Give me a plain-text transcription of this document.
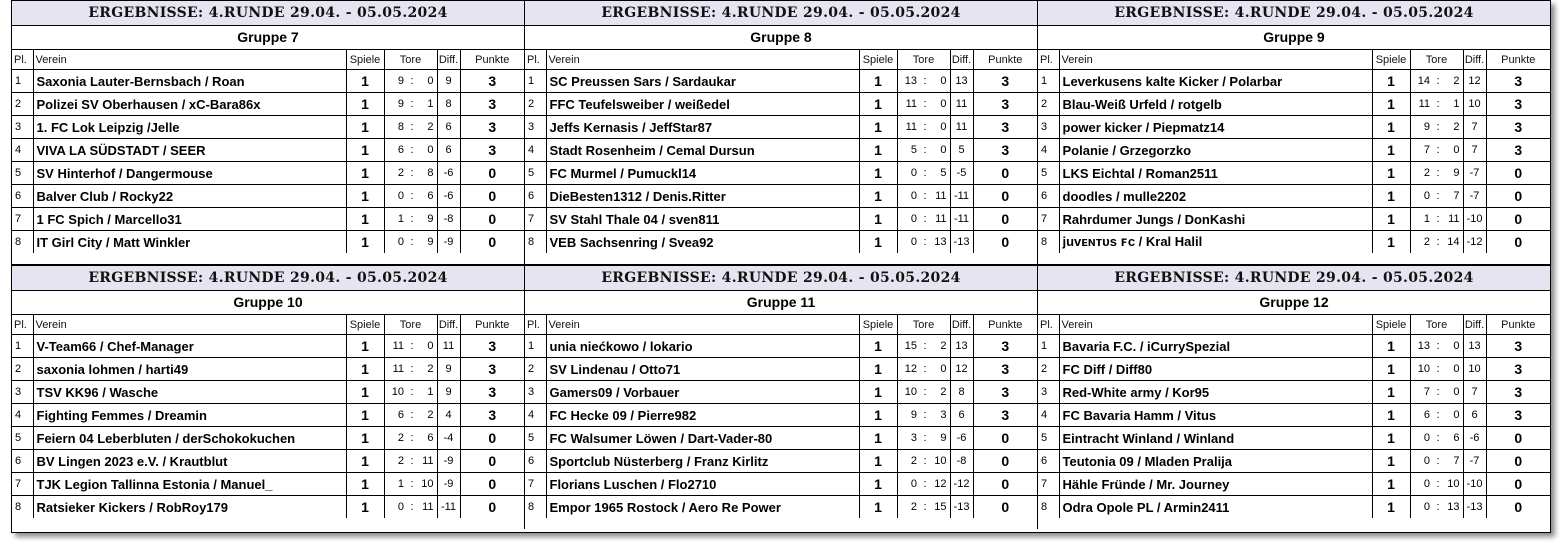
ERGEBNISSE: 4.RUNDE 29.04. - 05.05.2024
Gruppe 7
Pl.	Verein	Spiele	Tore			Diff.	Punkte
1	Saxonia Lauter-Bernsbach / Roan	1	9	:	0	9	3
2	Polizei SV Oberhausen / xC-Bara86x	1	9	:	1	8	3
3	1. FC Lok Leipzig /Jelle	1	8	:	2	6	3
4	VIVA LA SÜDSTADT / SEER	1	6	:	0	6	3
5	SV Hinterhof / Dangermouse	1	2	:	8	-6	0
6	Balver Club / Rocky22	1	0	:	6	-6	0
7	1 FC Spich / Marcello31	1	1	:	9	-8	0
8	IT Girl City / Matt Winkler	1	0	:	9	-9	0
ERGEBNISSE: 4.RUNDE 29.04. - 05.05.2024
Gruppe 8
Pl.	Verein	Spiele	Tore			Diff.	Punkte
1	SC Preussen Sars / Sardaukar	1	13	:	0	13	3
2	FFC Teufelsweiber / weißedel	1	11	:	0	11	3
3	Jeffs Kernasis / JeffStar87	1	11	:	0	11	3
4	Stadt Rosenheim / Cemal Dursun	1	5	:	0	5	3
5	FC Murmel / Pumuckl14	1	0	:	5	-5	0
6	DieBesten1312 / Denis.Ritter	1	0	:	11	-11	0
7	SV Stahl Thale 04 / sven811	1	0	:	11	-11	0
8	VEB Sachsenring / Svea92	1	0	:	13	-13	0
ERGEBNISSE: 4.RUNDE 29.04. - 05.05.2024
Gruppe 9
Pl.	Verein	Spiele	Tore			Diff.	Punkte
1	Leverkusens kalte Kicker / Polarbar	1	14	:	2	12	3
2	Blau-Weiß Urfeld / rotgelb	1	11	:	1	10	3
3	power kicker / Piepmatz14	1	9	:	2	7	3
4	Polanie / Grzegorzko	1	7	:	0	7	3
5	LKS Eichtal / Roman2511	1	2	:	9	-7	0
6	doodles / mulle2202	1	0	:	7	-7	0
7	Rahrdumer Jungs / DonKashi	1	1	:	11	-10	0
8	juvᴇɴᴛᴜs ꜰᴄ / Kral Halil	1	2	:	14	-12	0
ERGEBNISSE: 4.RUNDE 29.04. - 05.05.2024
Gruppe 10
Pl.	Verein	Spiele	Tore			Diff.	Punkte
1	V-Team66 / Chef-Manager	1	11	:	0	11	3
2	saxonia lohmen / harti49	1	11	:	2	9	3
3	TSV KK96 / Wasche	1	10	:	1	9	3
4	Fighting Femmes / Dreamin	1	6	:	2	4	3
5	Feiern 04 Leberbluten / derSchokokuchen	1	2	:	6	-4	0
6	BV Lingen 2023 e.V. / Krautblut	1	2	:	11	-9	0
7	TJK Legion Tallinna Estonia / Manuel_	1	1	:	10	-9	0
8	Ratsieker Kickers / RobRoy179	1	0	:	11	-11	0
ERGEBNISSE: 4.RUNDE 29.04. - 05.05.2024
Gruppe 11
Pl.	Verein	Spiele	Tore			Diff.	Punkte
1	unia niećkowo / lokario	1	15	:	2	13	3
2	SV Lindenau / Otto71	1	12	:	0	12	3
3	Gamers09 / Vorbauer	1	10	:	2	8	3
4	FC Hecke 09 / Pierre982	1	9	:	3	6	3
5	FC Walsumer Löwen / Dart-Vader-80	1	3	:	9	-6	0
6	Sportclub Nüsterberg / Franz Kirlitz	1	2	:	10	-8	0
7	Florians Luschen / Flo2710	1	0	:	12	-12	0
8	Empor 1965 Rostock / Aero Re Power	1	2	:	15	-13	0
ERGEBNISSE: 4.RUNDE 29.04. - 05.05.2024
Gruppe 12
Pl.	Verein	Spiele	Tore			Diff.	Punkte
1	Bavaria F.C. / iCurrySpezial	1	13	:	0	13	3
2	FC Diff / Diff80	1	10	:	0	10	3
3	Red-White army / Kor95	1	7	:	0	7	3
4	FC Bavaria Hamm / Vitus	1	6	:	0	6	3
5	Eintracht Winland / Winland	1	0	:	6	-6	0
6	Teutonia 09 / Mladen Pralija	1	0	:	7	-7	0
7	Hähle Fründe / Mr. Journey	1	0	:	10	-10	0
8	Odra Opole PL / Armin2411	1	0	:	13	-13	0
